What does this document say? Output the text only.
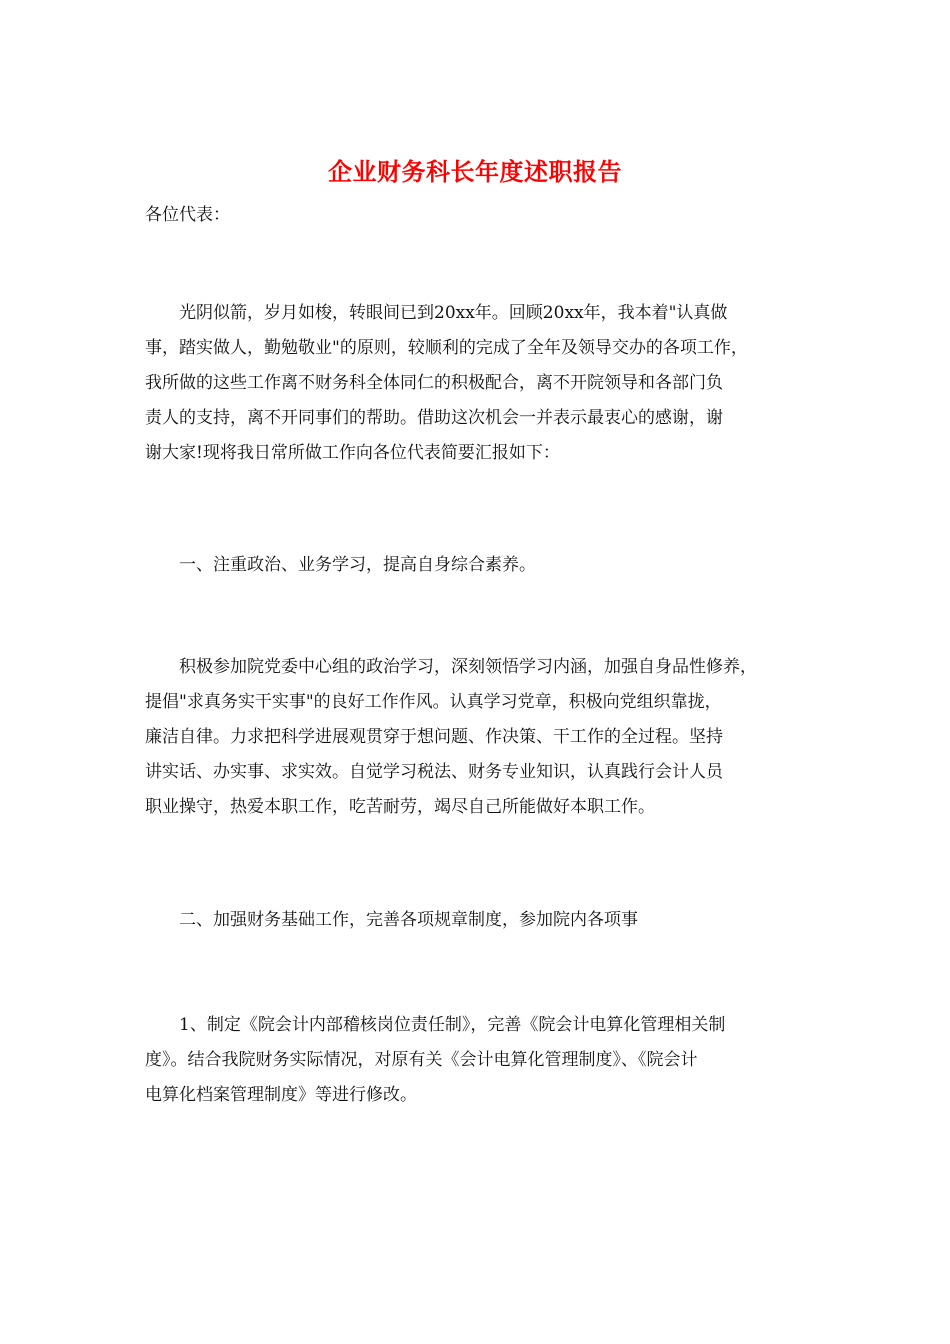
企业财务科长年度述职报告
各位代表：
　　光阴似箭，岁月如梭，转眼间已到20xx年。回顾20xx年，我本着"认真做
事，踏实做人，勤勉敬业"的原则，较顺利的完成了全年及领导交办的各项工作，
我所做的这些工作离不财务科全体同仁的积极配合，离不开院领导和各部门负
责人的支持，离不开同事们的帮助。借助这次机会一并表示最衷心的感谢，谢
谢大家!现将我日常所做工作向各位代表简要汇报如下：
　　一、注重政治、业务学习，提高自身综合素养。
　　积极参加院党委中心组的政治学习，深刻领悟学习内涵，加强自身品性修养，
提倡"求真务实干实事"的良好工作作风。认真学习党章，积极向党组织靠拢，
廉洁自律。力求把科学进展观贯穿于想问题、作决策、干工作的全过程。坚持
讲实话、办实事、求实效。自觉学习税法、财务专业知识，认真践行会计人员
职业操守，热爱本职工作，吃苦耐劳，竭尽自己所能做好本职工作。
　　二、加强财务基础工作，完善各项规章制度，参加院内各项事
　　1、制定《院会计内部稽核岗位责任制》，完善《院会计电算化管理相关制
度》。结合我院财务实际情况，对原有关《会计电算化管理制度》、《院会计
电算化档案管理制度》等进行修改。
